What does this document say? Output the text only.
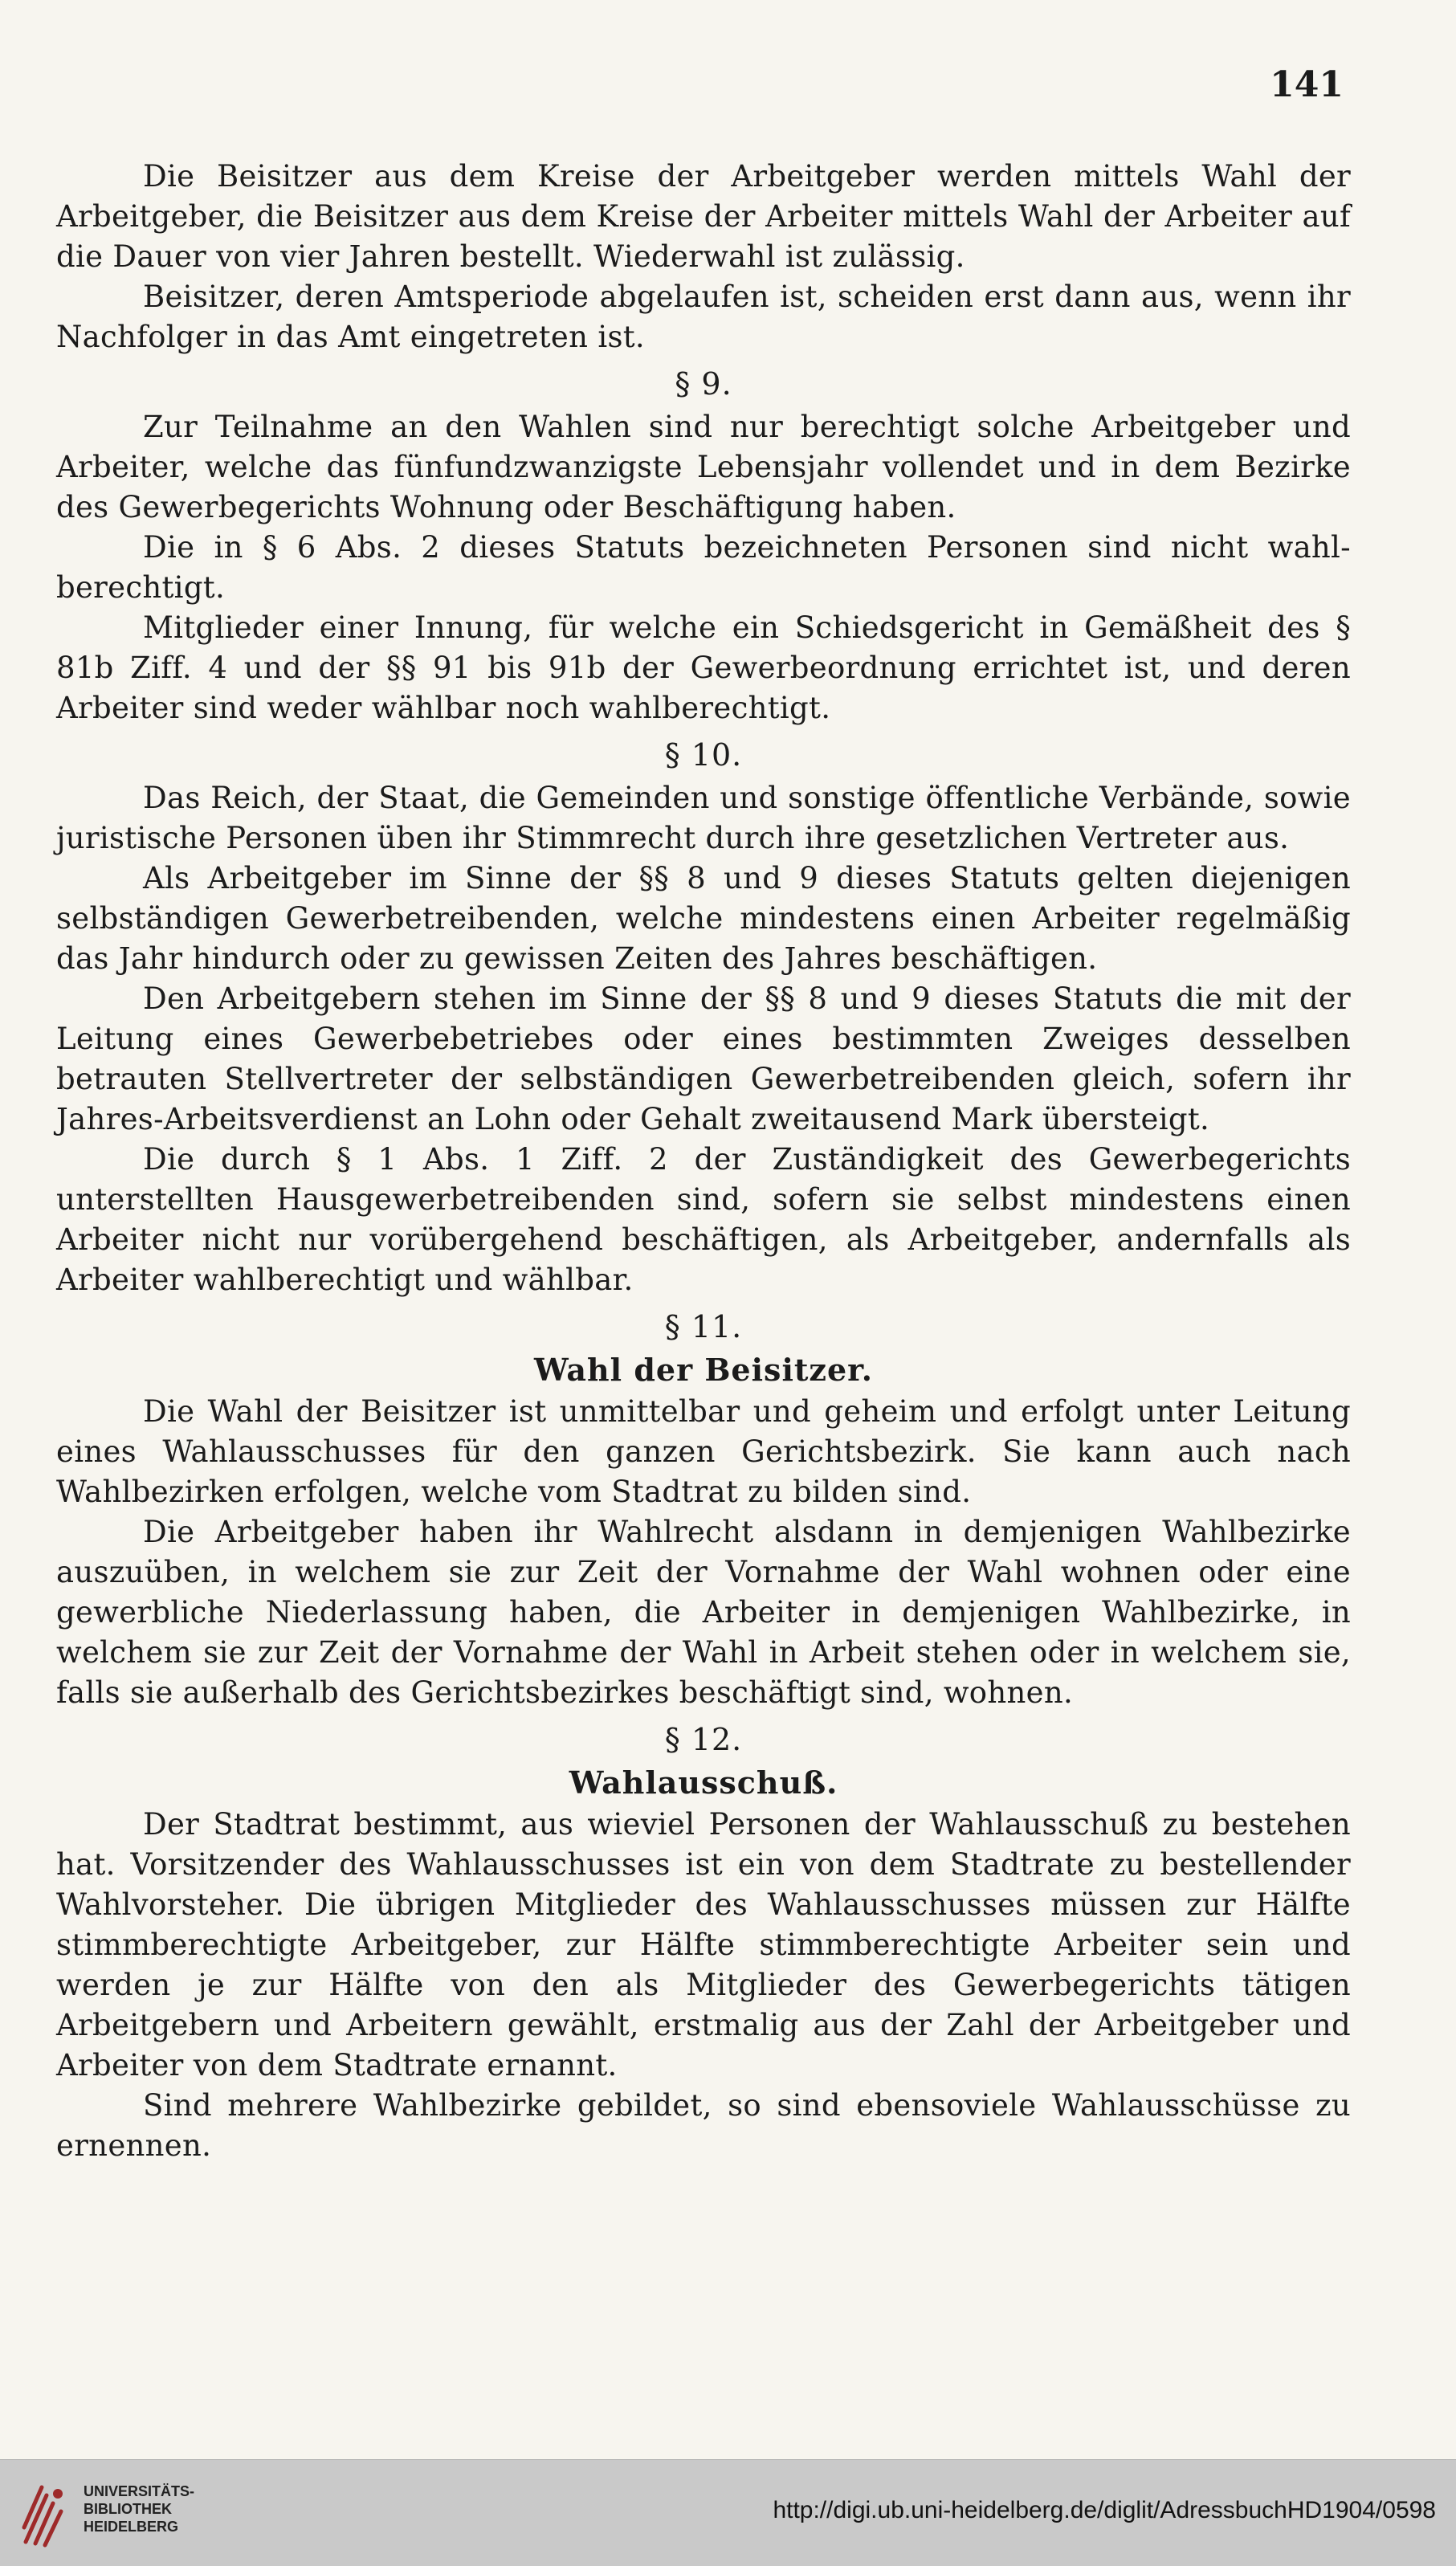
141

Die Beisitzer aus dem Kreise der Arbeitgeber werden mittels Wahl der Arbeitgeber, die Beisitzer aus dem Kreise der Arbeiter mittels Wahl der Arbeiter auf die Dauer von vier Jahren bestellt. Wiederwahl ist zulässig.

Beisitzer, deren Amtsperiode abgelaufen ist, scheiden erst dann aus, wenn ihr Nachfolger in das Amt eingetreten ist.

§ 9.

Zur Teilnahme an den Wahlen sind nur berechtigt solche Arbeitgeber und Arbeiter, welche das fünfundzwanzigste Lebensjahr vollendet und in dem Bezirke des Gewerbegerichts Wohnung oder Beschäftigung haben.

Die in § 6 Abs. 2 dieses Statuts bezeichneten Personen sind nicht wahl-berechtigt.

Mitglieder einer Innung, für welche ein Schiedsgericht in Gemäßheit des § 81b Ziff. 4 und der §§ 91 bis 91b der Gewerbeordnung errichtet ist, und deren Arbeiter sind weder wählbar noch wahlberechtigt.

§ 10.

Das Reich, der Staat, die Gemeinden und sonstige öffentliche Verbände, sowie juristische Personen üben ihr Stimmrecht durch ihre gesetzlichen Vertreter aus.

Als Arbeitgeber im Sinne der §§ 8 und 9 dieses Statuts gelten diejenigen selbständigen Gewerbetreibenden, welche mindestens einen Arbeiter regelmäßig das Jahr hindurch oder zu gewissen Zeiten des Jahres beschäftigen.

Den Arbeitgebern stehen im Sinne der §§ 8 und 9 dieses Statuts die mit der Leitung eines Gewerbebetriebes oder eines bestimmten Zweiges desselben betrauten Stellvertreter der selbständigen Gewerbetreibenden gleich, sofern ihr Jahres-Arbeitsverdienst an Lohn oder Gehalt zweitausend Mark übersteigt.

Die durch § 1 Abs. 1 Ziff. 2 der Zuständigkeit des Gewerbegerichts unterstellten Hausgewerbetreibenden sind, sofern sie selbst mindestens einen Arbeiter nicht nur vorübergehend beschäftigen, als Arbeitgeber, andernfalls als Arbeiter wahlberechtigt und wählbar.

§ 11.
Wahl der Beisitzer.

Die Wahl der Beisitzer ist unmittelbar und geheim und erfolgt unter Leitung eines Wahlausschusses für den ganzen Gerichtsbezirk. Sie kann auch nach Wahlbezirken erfolgen, welche vom Stadtrat zu bilden sind.

Die Arbeitgeber haben ihr Wahlrecht alsdann in demjenigen Wahlbezirke auszuüben, in welchem sie zur Zeit der Vornahme der Wahl wohnen oder eine gewerbliche Niederlassung haben, die Arbeiter in demjenigen Wahlbezirke, in welchem sie zur Zeit der Vornahme der Wahl in Arbeit stehen oder in welchem sie, falls sie außerhalb des Gerichtsbezirkes beschäftigt sind, wohnen.

§ 12.
Wahlausschuß.

Der Stadtrat bestimmt, aus wieviel Personen der Wahlausschuß zu bestehen hat. Vorsitzender des Wahlausschusses ist ein von dem Stadtrate zu bestellender Wahlvorsteher. Die übrigen Mitglieder des Wahlausschusses müssen zur Hälfte stimmberechtigte Arbeitgeber, zur Hälfte stimmberechtigte Arbeiter sein und werden je zur Hälfte von den als Mitglieder des Gewerbegerichts tätigen Arbeitgebern und Arbeitern gewählt, erstmalig aus der Zahl der Arbeitgeber und Arbeiter von dem Stadtrate ernannt.

Sind mehrere Wahlbezirke gebildet, so sind ebensoviele Wahlausschüsse zu ernennen.

UNIVERSITÄTS-
BIBLIOTHEK
HEIDELBERG
http://digi.ub.uni-heidelberg.de/diglit/AdressbuchHD1904/0598
